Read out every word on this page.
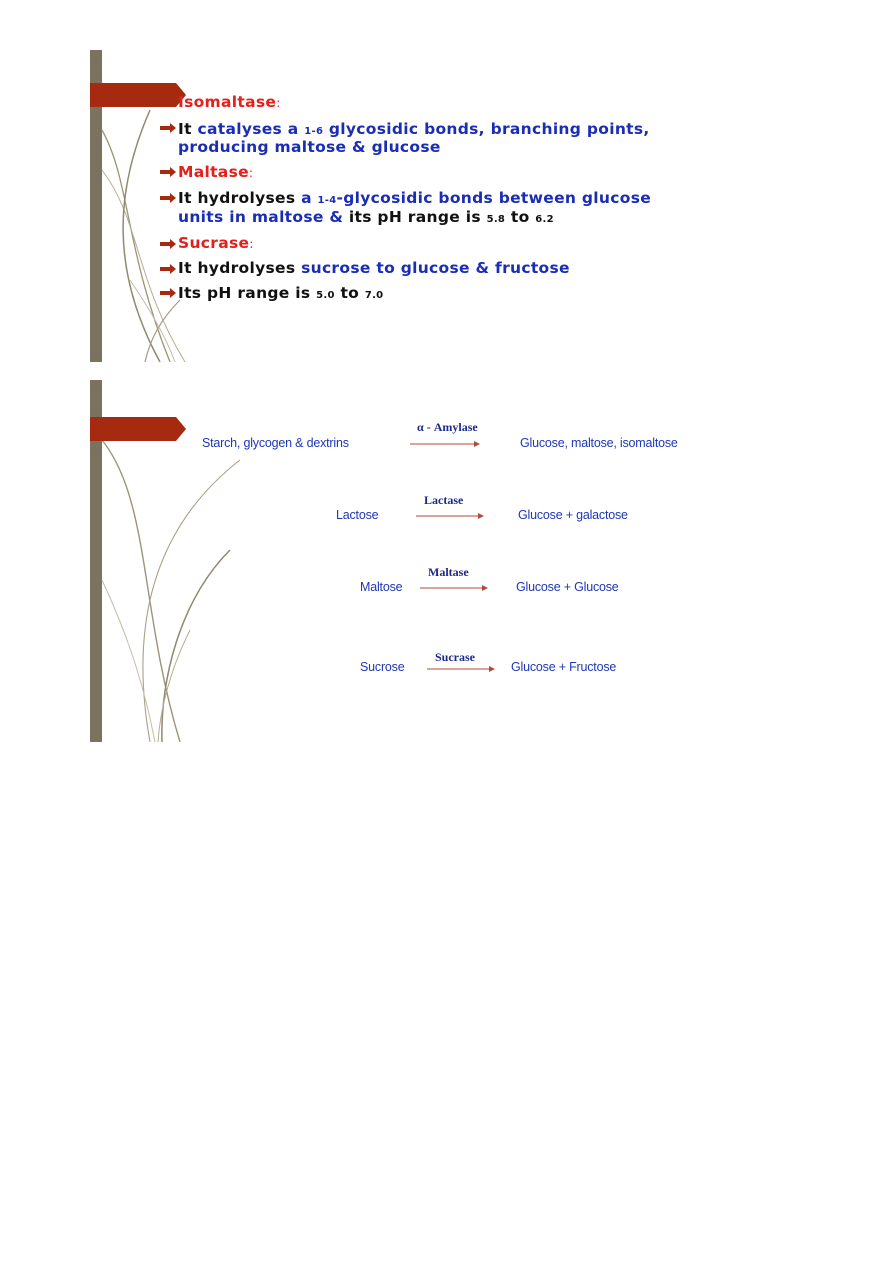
Isomaltase:
It catalyses a 1-6 glycosidic bonds, branching points,
producing maltose & glucose
Maltase:
It hydrolyses a 1-4-glycosidic bonds between glucose
units in maltose & its pH range is 5.8 to 6.2
Sucrase:
It hydrolyses sucrose to glucose & fructose
Its pH range is 5.0 to 7.0
Starch, glycogen & dextrins
α - Amylase
Glucose, maltose, isomaltose
Lactose
Lactase
Glucose + galactose
Maltose
Maltase
Glucose + Glucose
Sucrose
Sucrase
Glucose + Fructose
